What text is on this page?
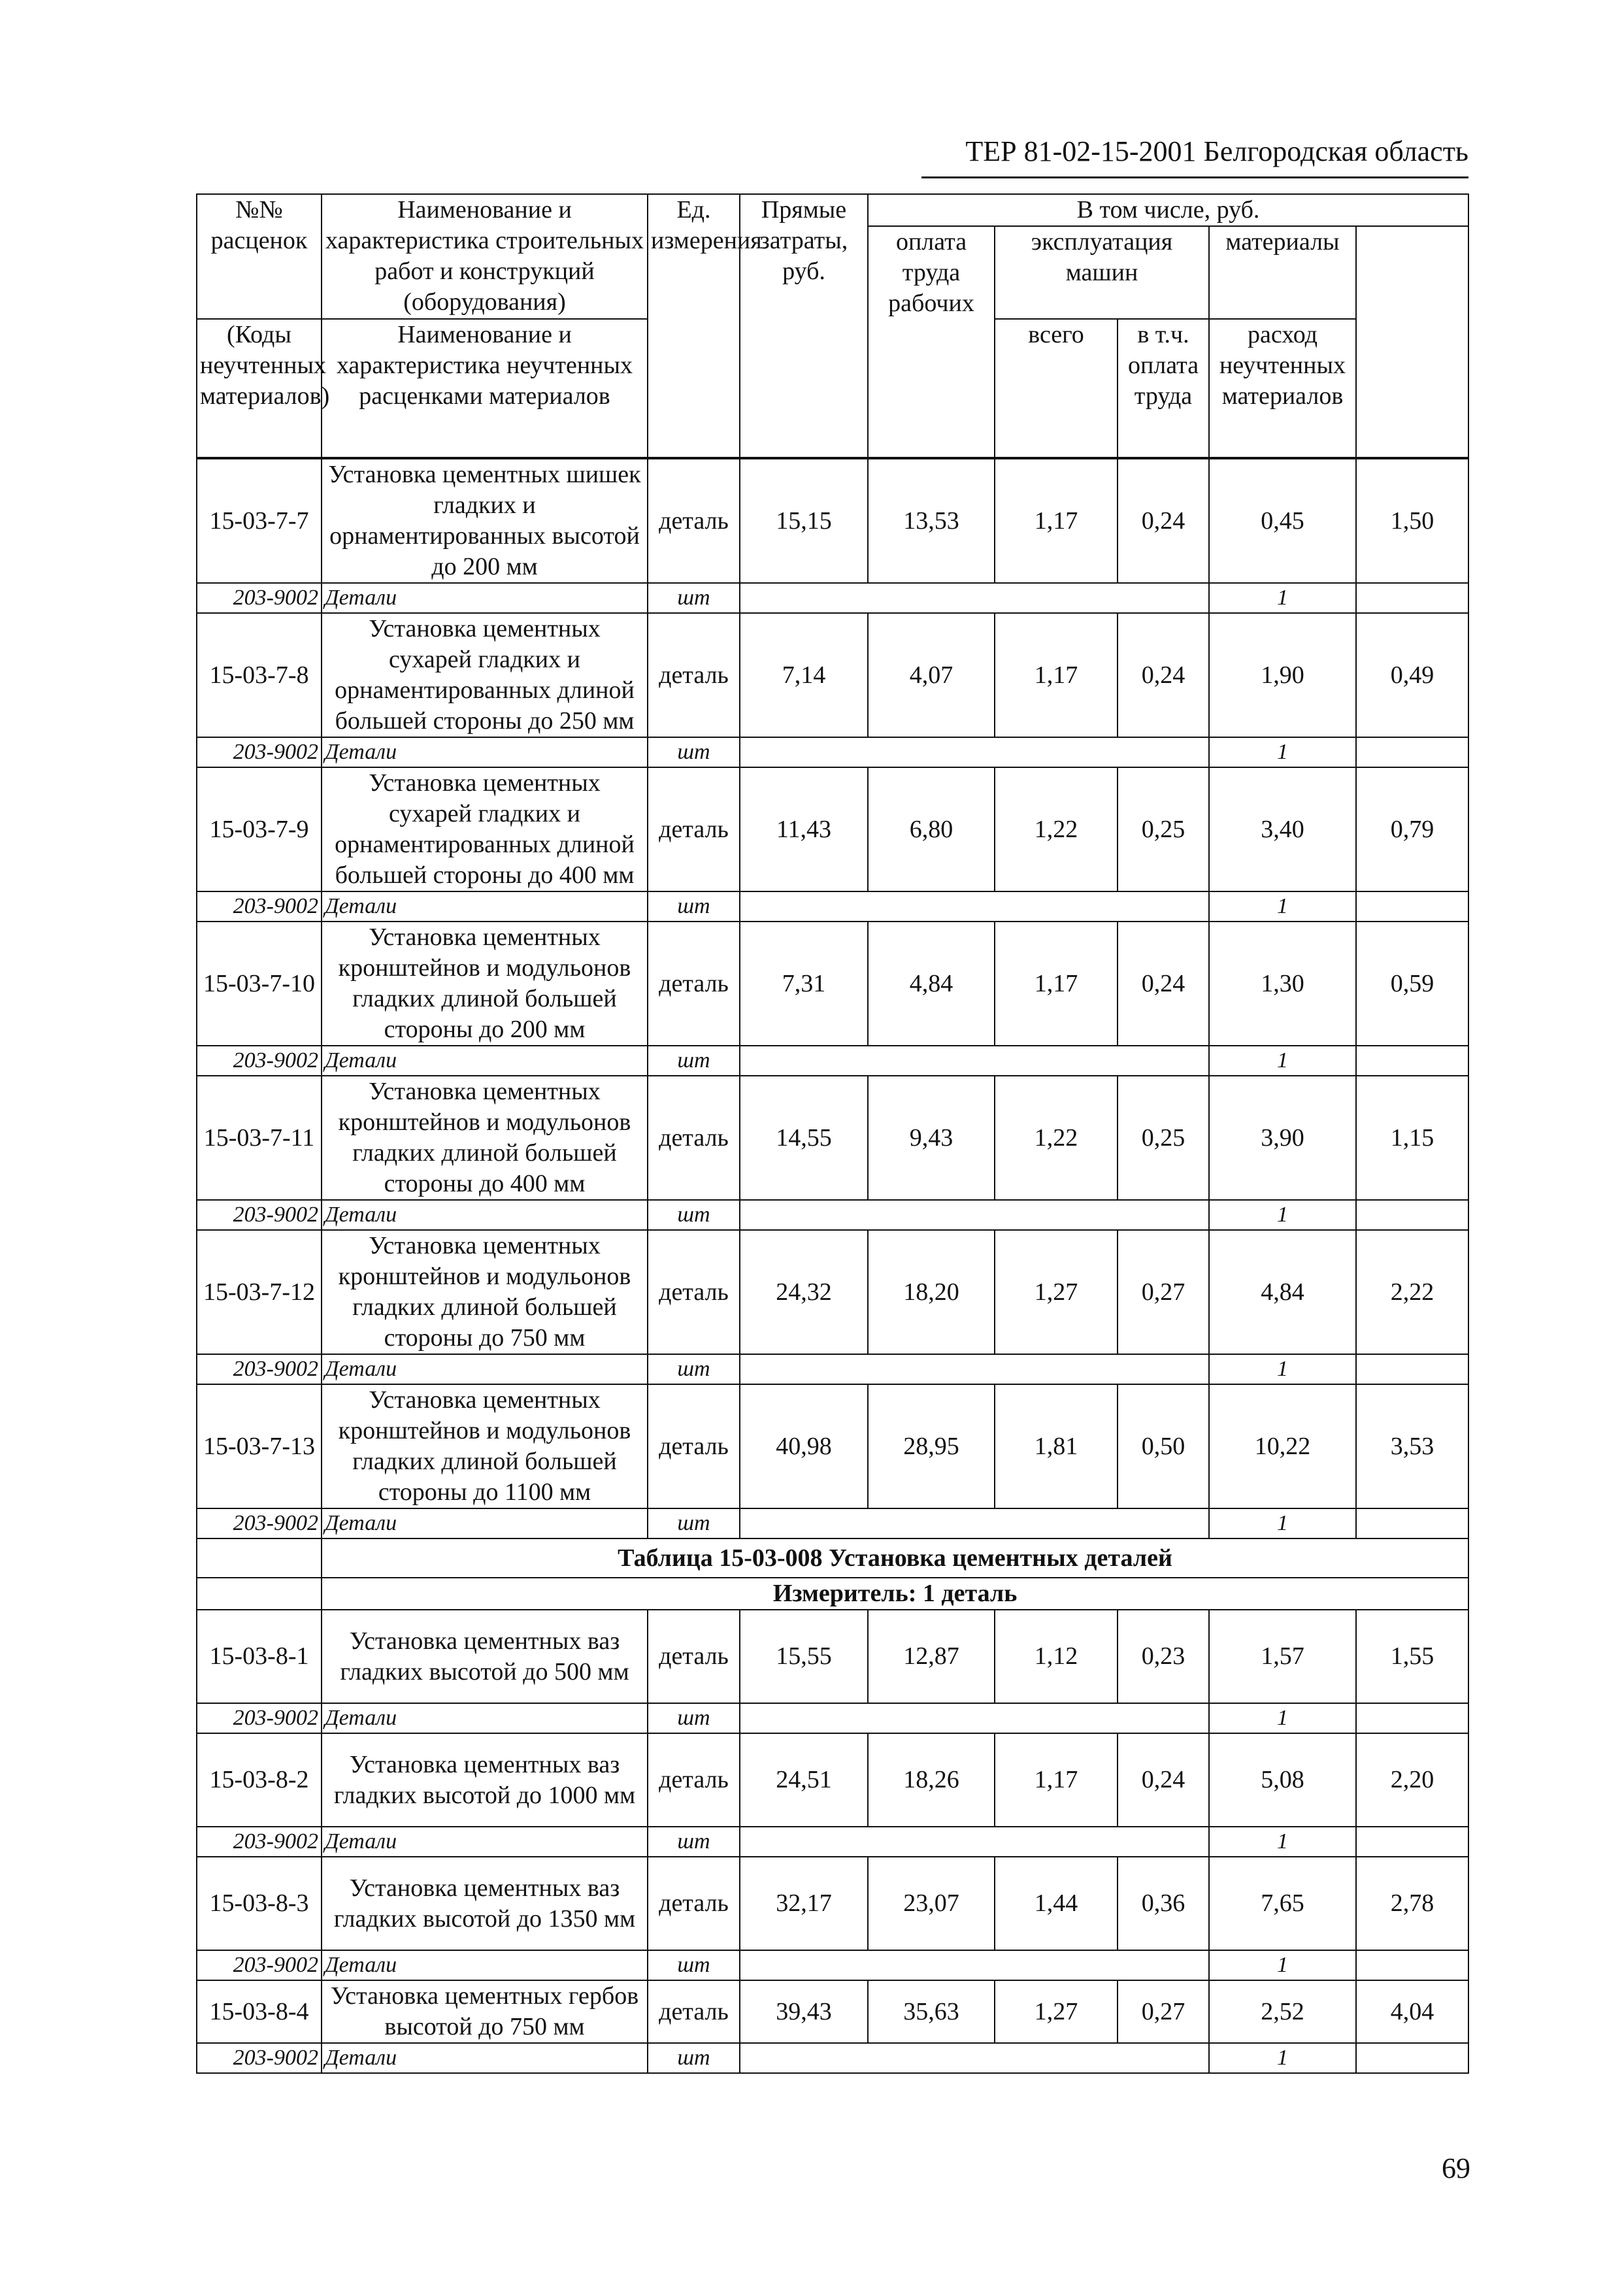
ТЕР 81-02-15-2001 Белгородская область
№№ расценок	Наименование и характеристика строительных работ и конструкций (оборудования)	Ед. измерения	Прямые затраты, руб.	В том числе, руб.	
				оплата труда рабочих	эксплуатация машин		материалы		
(Коды неучтенных материалов)	Наименование и характеристика неучтенных расценками материалов				всего	в т.ч. оплата труда	расход неучтенных материалов		

15-03-7-7	Установка цементных шишек гладких и орнаментированных высотой до 200 мм	деталь	15,15	13,53	1,17	0,24	0,45	1,50	
203-9002	Детали	шт					1		
15-03-7-8	Установка цементных сухарей гладких и орнаментированных длиной большей стороны до 250 мм	деталь	7,14	4,07	1,17	0,24	1,90	0,49	
203-9002	Детали	шт					1		
15-03-7-9	Установка цементных сухарей гладких и орнаментированных длиной большей стороны до 400 мм	деталь	11,43	6,80	1,22	0,25	3,40	0,79	
203-9002	Детали	шт					1		
15-03-7-10	Установка цементных кронштейнов и модульонов гладких длиной большей стороны до 200 мм	деталь	7,31	4,84	1,17	0,24	1,30	0,59	
203-9002	Детали	шт					1		
15-03-7-11	Установка цементных кронштейнов и модульонов гладких длиной большей стороны до 400 мм	деталь	14,55	9,43	1,22	0,25	3,90	1,15	
203-9002	Детали	шт					1		
15-03-7-12	Установка цементных кронштейнов и модульонов гладких длиной большей стороны до 750 мм	деталь	24,32	18,20	1,27	0,27	4,84	2,22	
203-9002	Детали	шт					1		
15-03-7-13	Установка цементных кронштейнов и модульонов гладких длиной большей стороны до 1100 мм	деталь	40,98	28,95	1,81	0,50	10,22	3,53	
203-9002	Детали	шт					1		
	Таблица 15-03-008 Установка цементных деталей								
	Измеритель: 1 деталь								
15-03-8-1	Установка цементных ваз гладких высотой до 500 мм	деталь	15,55	12,87	1,12	0,23	1,57	1,55	
203-9002	Детали	шт					1		
15-03-8-2	Установка цементных ваз гладких высотой до 1000 мм	деталь	24,51	18,26	1,17	0,24	5,08	2,20	
203-9002	Детали	шт					1		
15-03-8-3	Установка цементных ваз гладких высотой до 1350 мм	деталь	32,17	23,07	1,44	0,36	7,65	2,78	
203-9002	Детали	шт					1		
15-03-8-4	Установка цементных гербов высотой до 750 мм	деталь	39,43	35,63	1,27	0,27	2,52	4,04	
203-9002	Детали	шт					1		
69
